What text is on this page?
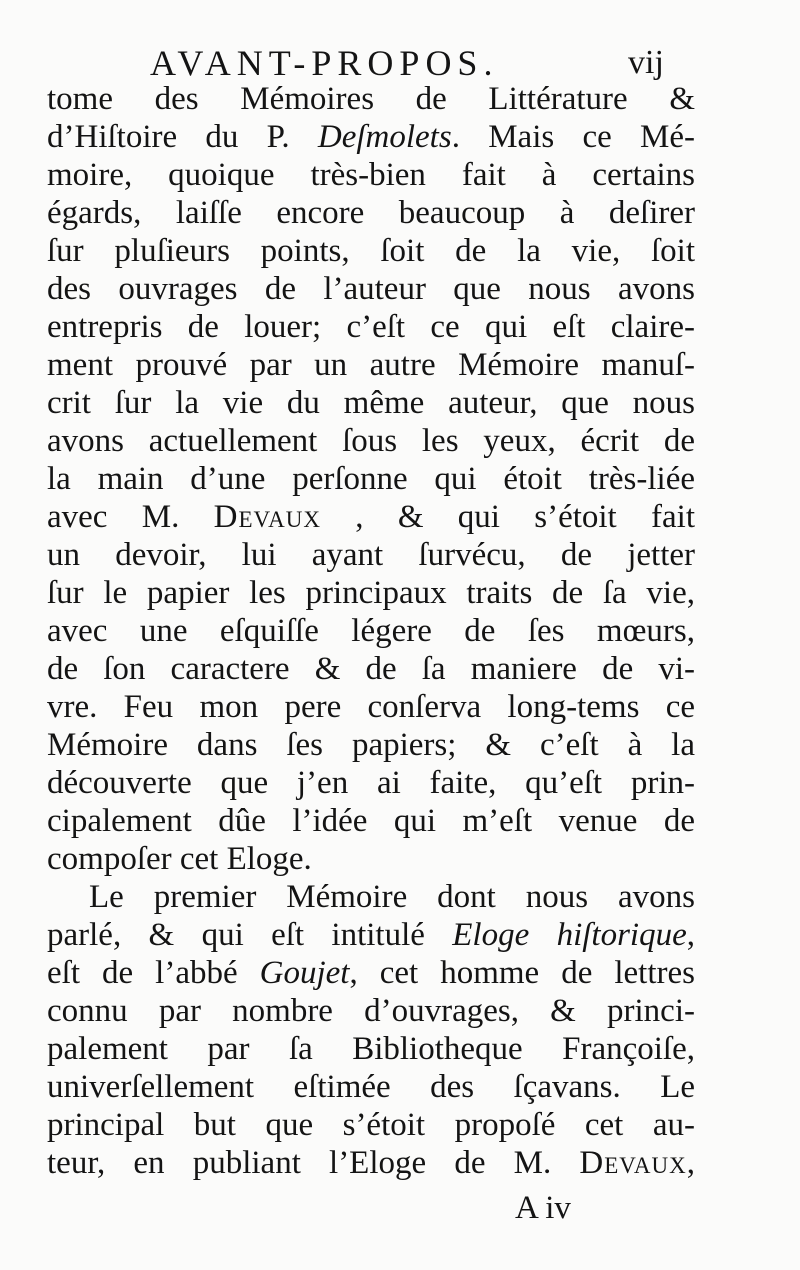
AVANT-PROPOS.	vij
tome des Mémoires de Littérature &
d’Hiſtoire du P. Deſmolets. Mais ce Mé-
moire, quoique très-bien fait à certains
égards, laiſſe encore beaucoup à deſirer
ſur pluſieurs points, ſoit de la vie, ſoit
des ouvrages de l’auteur que nous avons
entrepris de louer; c’eſt ce qui eſt claire-
ment prouvé par un autre Mémoire manuſ-
crit ſur la vie du même auteur, que nous
avons actuellement ſous les yeux, écrit de
la main d’une perſonne qui étoit très-liée
avec M. Devaux , & qui s’étoit fait
un devoir, lui ayant ſurvécu, de jetter
ſur le papier les principaux traits de ſa vie,
avec une eſquiſſe légere de ſes mœurs,
de ſon caractere & de ſa maniere de vi-
vre. Feu mon pere conſerva long-tems ce
Mémoire dans ſes papiers; & c’eſt à la
découverte que j’en ai faite, qu’eſt prin-
cipalement dûe l’idée qui m’eſt venue de
compoſer cet Eloge.
Le premier Mémoire dont nous avons
parlé, & qui eſt intitulé Eloge hiſtorique,
eſt de l’abbé Goujet, cet homme de lettres
connu par nombre d’ouvrages, & princi-
palement par ſa Bibliotheque Françoiſe,
univerſellement eſtimée des ſçavans. Le
principal but que s’étoit propoſé cet au-
teur, en publiant l’Eloge de M. Devaux,
A iv
